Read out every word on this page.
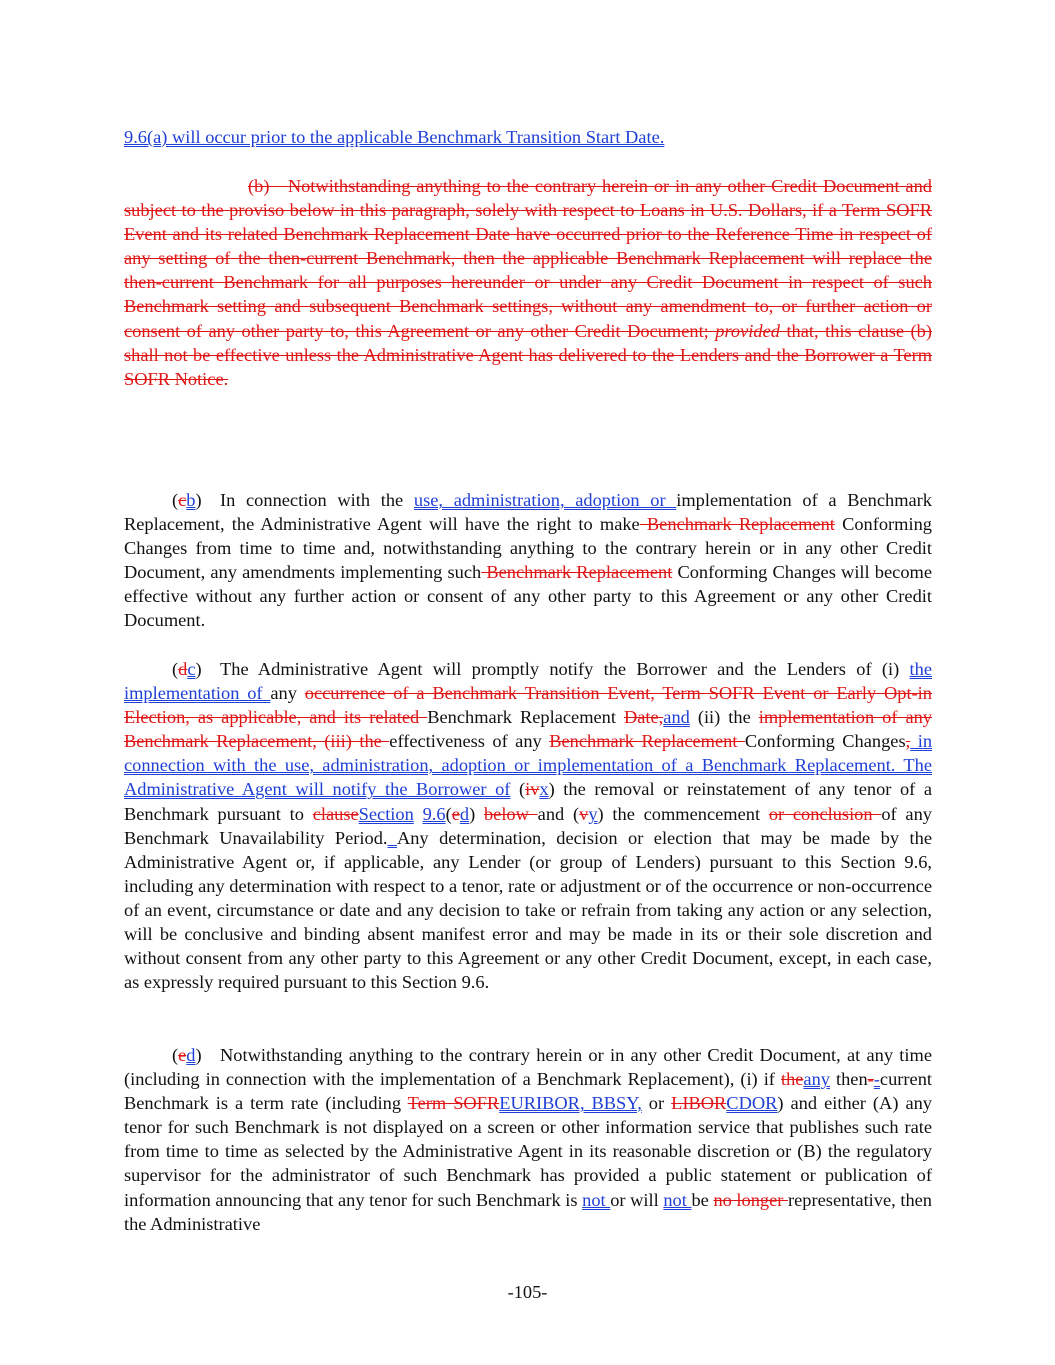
9.6(a) will occur prior to the applicable Benchmark Transition Start Date.

(b) Notwithstanding anything to the contrary herein or in any other Credit Document and subject to the proviso below in this paragraph, solely with respect to Loans in U.S. Dollars, if a Term SOFR Event and its related Benchmark Replacement Date have occurred prior to the Reference Time in respect of any setting of the then-current Benchmark, then the applicable Benchmark Replacement will replace the then-current Benchmark for all purposes hereunder or under any Credit Document in respect of such Benchmark setting and subsequent Benchmark settings, without any amendment to, or further action or consent of any other party to, this Agreement or any other Credit Document; provided that, this clause (b) shall not be effective unless the Administrative Agent has delivered to the Lenders and the Borrower a Term SOFR Notice.

(cb) In connection with the use, administration, adoption or implementation of a Benchmark Replacement, the Administrative Agent will have the right to make Benchmark Replacement Conforming Changes from time to time and, notwithstanding anything to the contrary herein or in any other Credit Document, any amendments implementing such Benchmark Replacement Conforming Changes will become effective without any further action or consent of any other party to this Agreement or any other Credit Document.

(dc) The Administrative Agent will promptly notify the Borrower and the Lenders of (i) the implementation of any occurrence of a Benchmark Transition Event, Term SOFR Event or Early Opt-in Election, as applicable, and its related Benchmark Replacement Date,and (ii) the implementation of any Benchmark Replacement, (iii) the effectiveness of any Benchmark Replacement Conforming Changes, in connection with the use, administration, adoption or implementation of a Benchmark Replacement. The Administrative Agent will notify the Borrower of (ivx) the removal or reinstatement of any tenor of a Benchmark pursuant to clauseSection 9.6(ed) below and (vy) the commencement or conclusion of any Benchmark Unavailability Period. Any determination, decision or election that may be made by the Administrative Agent or, if applicable, any Lender (or group of Lenders) pursuant to this Section 9.6, including any determination with respect to a tenor, rate or adjustment or of the occurrence or non-occurrence of an event, circumstance or date and any decision to take or refrain from taking any action or any selection, will be conclusive and binding absent manifest error and may be made in its or their sole discretion and without consent from any other party to this Agreement or any other Credit Document, except, in each case, as expressly required pursuant to this Section 9.6.

(ed) Notwithstanding anything to the contrary herein or in any other Credit Document, at any time (including in connection with the implementation of a Benchmark Replacement), (i) if theany then--current Benchmark is a term rate (including Term SOFREURIBOR, BBSY, or LIBORCDOR) and either (A) any tenor for such Benchmark is not displayed on a screen or other information service that publishes such rate from time to time as selected by the Administrative Agent in its reasonable discretion or (B) the regulatory supervisor for the administrator of such Benchmark has provided a public statement or publication of information announcing that any tenor for such Benchmark is not or will not be no longer representative, then the Administrative

-105-
